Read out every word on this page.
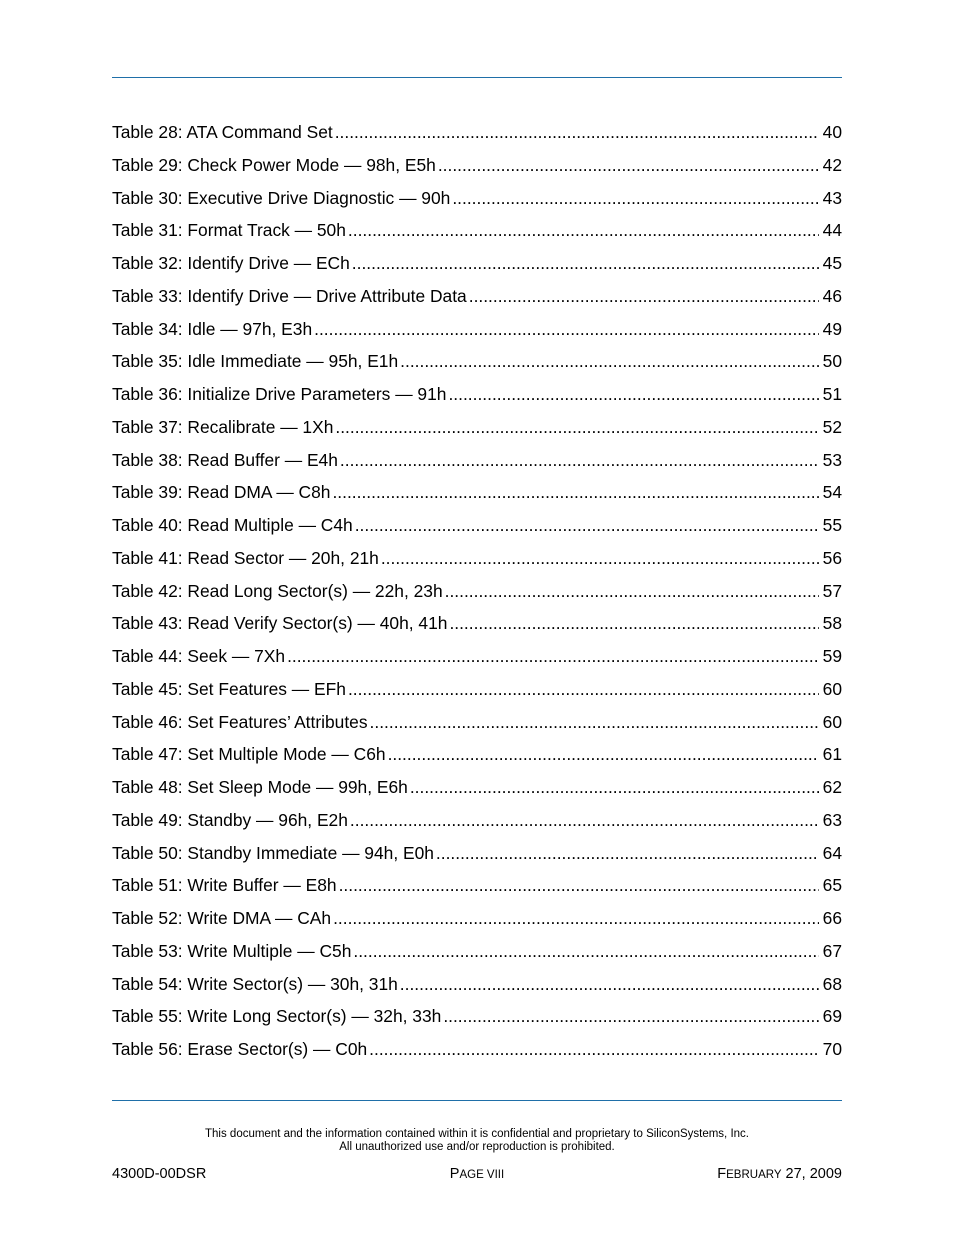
Table 28: ATA Command Set .....	40
Table 29: Check Power Mode — 98h, E5h .....	42
Table 30: Executive Drive Diagnostic — 90h .....	43
Table 31: Format Track — 50h .....	44
Table 32: Identify Drive — ECh .....	45
Table 33: Identify Drive — Drive Attribute Data .....	46
Table 34: Idle — 97h, E3h .....	49
Table 35: Idle Immediate — 95h, E1h .....	50
Table 36: Initialize Drive Parameters — 91h .....	51
Table 37: Recalibrate — 1Xh .....	52
Table 38: Read Buffer — E4h .....	53
Table 39: Read DMA — C8h .....	54
Table 40: Read Multiple — C4h .....	55
Table 41: Read Sector — 20h, 21h .....	56
Table 42: Read Long Sector(s) — 22h, 23h .....	57
Table 43: Read Verify Sector(s) — 40h, 41h .....	58
Table 44: Seek — 7Xh .....	59
Table 45: Set Features — EFh .....	60
Table 46: Set Features’ Attributes .....	60
Table 47: Set Multiple Mode — C6h .....	61
Table 48: Set Sleep Mode — 99h, E6h .....	62
Table 49: Standby — 96h, E2h .....	63
Table 50: Standby Immediate — 94h, E0h .....	64
Table 51: Write Buffer — E8h .....	65
Table 52: Write DMA — CAh .....	66
Table 53: Write Multiple — C5h .....	67
Table 54: Write Sector(s) — 30h, 31h .....	68
Table 55: Write Long Sector(s) — 32h, 33h .....	69
Table 56: Erase Sector(s) — C0h .....	70
This document and the information contained within it is confidential and proprietary to SiliconSystems, Inc.
All unauthorized use and/or reproduction is prohibited.
4300D-00DSR	PAGE VIII	FEBRUARY 27, 2009
